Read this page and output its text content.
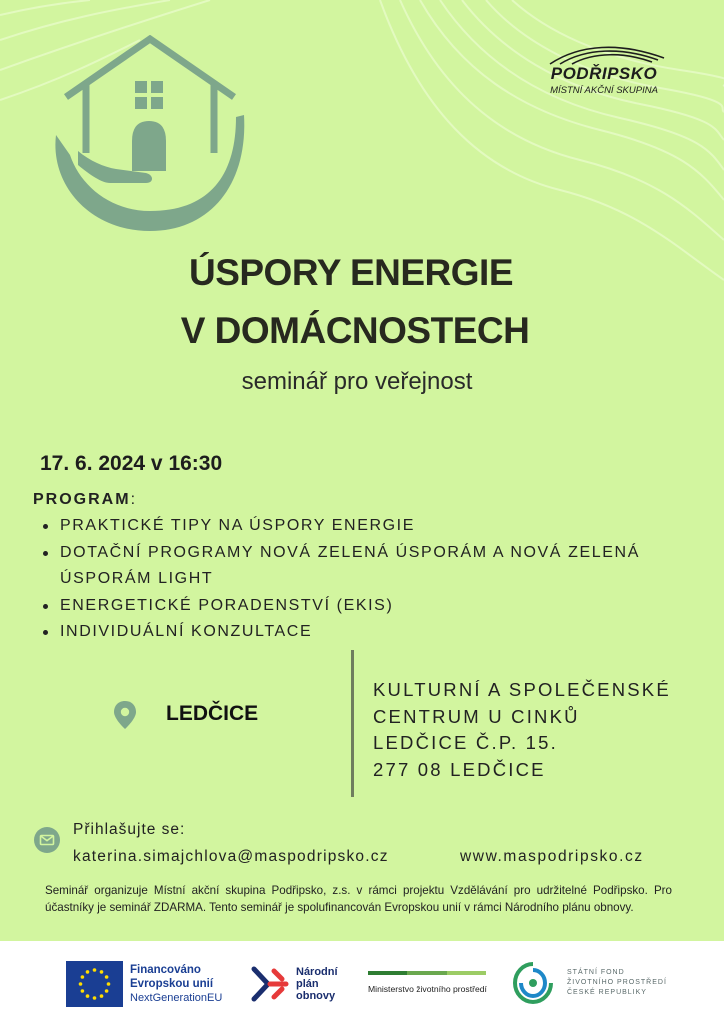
PODŘIPSKO
MÍSTNÍ AKČNÍ SKUPINA
ÚSPORY ENERGIE
V DOMÁCNOSTECH
seminář pro veřejnost
17. 6. 2024 v 16:30
PROGRAM:
PRAKTICKÉ TIPY NA ÚSPORY ENERGIE
DOTAČNÍ PROGRAMY NOVÁ ZELENÁ ÚSPORÁM A NOVÁ ZELENÁ ÚSPORÁM LIGHT
ENERGETICKÉ PORADENSTVÍ (EKIS)
INDIVIDUÁLNÍ KONZULTACE
LEDČICE
KULTURNÍ A SPOLEČENSKÉ
CENTRUM U CINKŮ
LEDČICE Č.P. 15.
277 08 LEDČICE
Přihlašujte se:
katerina.simajchlova@maspodripsko.cz	www.maspodripsko.cz
Seminář organizuje Místní akční skupina Podřipsko, z.s. v rámci projektu Vzdělávání pro udržitelné Podřipsko. Pro účastníky je seminář ZDARMA. Tento seminář je spolufinancován Evropskou unií v rámci Národního plánu obnovy.
Financováno
Evropskou unií
NextGenerationEU
Národní
plán
obnovy
Ministerstvo životního prostředí
STÁTNÍ FOND
ŽIVOTNÍHO PROSTŘEDÍ
ČESKÉ REPUBLIKY
